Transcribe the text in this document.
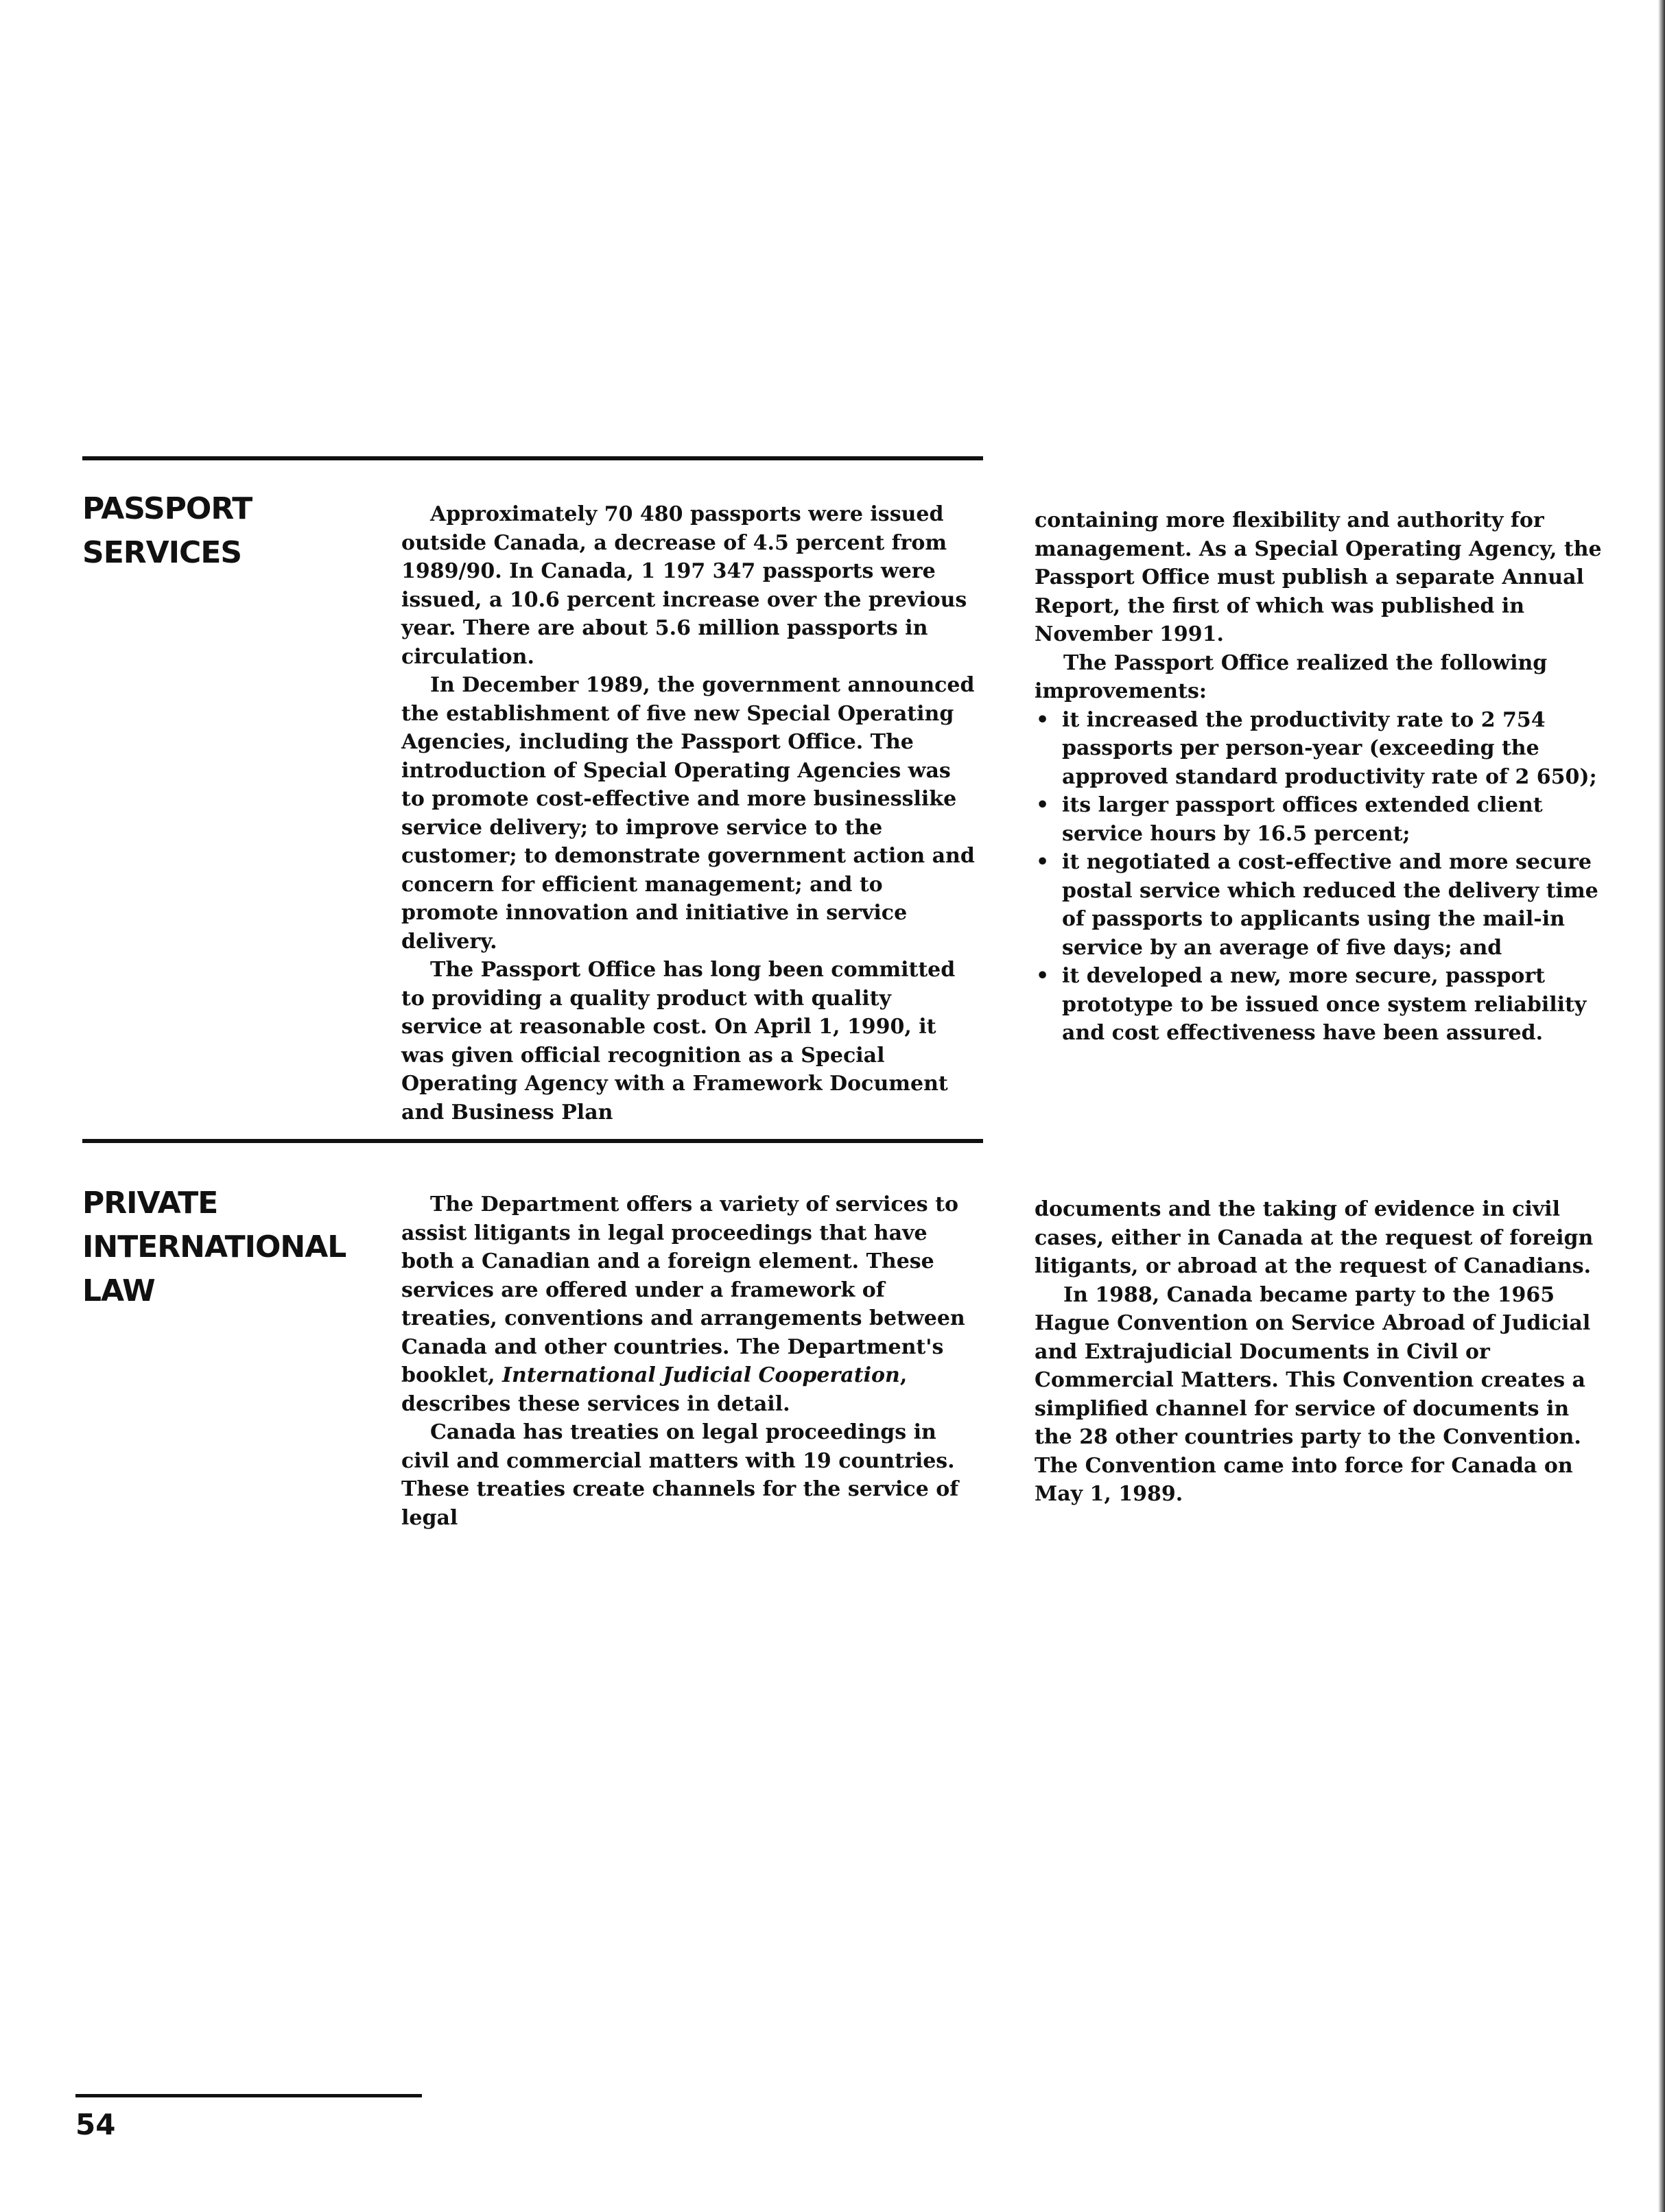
PASSPORT
SERVICES

Approximately 70 480 passports were issued outside Canada, a decrease of 4.5 percent from 1989/90. In Canada, 1 197 347 passports were issued, a 10.6 percent increase over the previous year. There are about 5.6 million passports in circulation.

In December 1989, the government announced the establishment of five new Special Operating Agencies, including the Passport Office. The introduction of Special Operating Agencies was to promote cost-effective and more businesslike service delivery; to improve service to the customer; to demonstrate government action and concern for efficient management; and to promote innovation and initiative in service delivery.

The Passport Office has long been committed to providing a quality product with quality service at reasonable cost. On April 1, 1990, it was given official recognition as a Special Operating Agency with a Framework Document and Business Plan

containing more flexibility and authority for management. As a Special Operating Agency, the Passport Office must publish a separate Annual Report, the first of which was published in November 1991.

The Passport Office realized the following improvements:

• it increased the productivity rate to 2 754 passports per person-year (exceeding the approved standard productivity rate of 2 650);
• its larger passport offices extended client service hours by 16.5 percent;
• it negotiated a cost-effective and more secure postal service which reduced the delivery time of passports to applicants using the mail-in service by an average of five days; and
• it developed a new, more secure, passport prototype to be issued once system reliability and cost effectiveness have been assured.
PRIVATE
INTERNATIONAL
LAW

The Department offers a variety of services to assist litigants in legal proceedings that have both a Canadian and a foreign element. These services are offered under a framework of treaties, conventions and arrangements between Canada and other countries. The Department's booklet, International Judicial Cooperation, describes these services in detail.

Canada has treaties on legal proceedings in civil and commercial matters with 19 countries. These treaties create channels for the service of legal

documents and the taking of evidence in civil cases, either in Canada at the request of foreign litigants, or abroad at the request of Canadians.

In 1988, Canada became party to the 1965 Hague Convention on Service Abroad of Judicial and Extrajudicial Documents in Civil or Commercial Matters. This Convention creates a simplified channel for service of documents in the 28 other countries party to the Convention. The Convention came into force for Canada on May 1, 1989.

54
